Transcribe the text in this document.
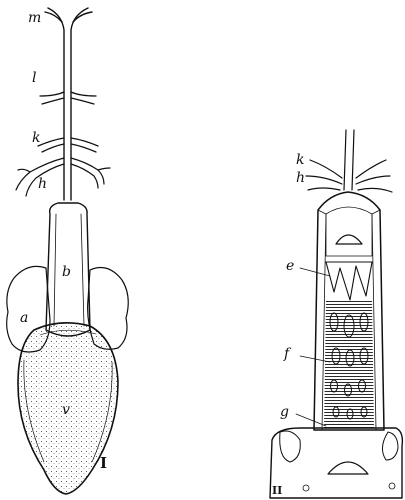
m
l
k
h
b
a
v
I
k
h
e
f
g
II
